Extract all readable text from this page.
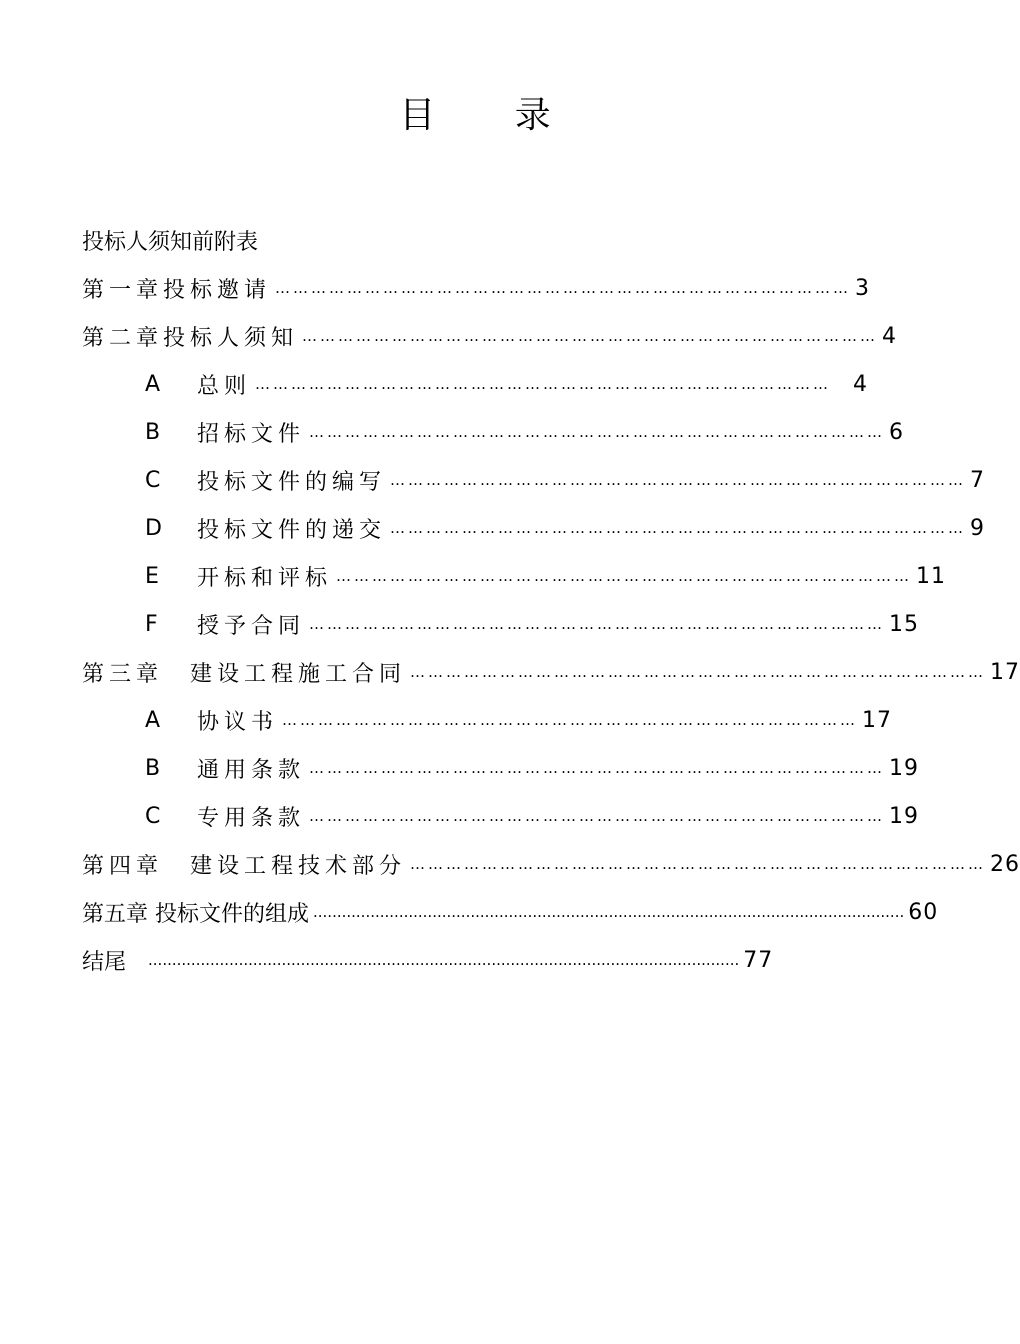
目 录
投标人须知前附表
第一章投标邀请 …………………………………………………………………………………… 3
第二章投标人须知 …………………………………………………………………………………… 4
A	总则 …………………………………………………………………………………… 4
B	招标文件 …………………………………………………………………………………… 6
C	投标文件的编写 …………………………………………………………………………………… 7
D	投标文件的递交 …………………………………………………………………………………… 9
E	开标和评标 …………………………………………………………………………………… 11
F	授予合同 …………………………………………………………………………………… 15
第三章　建设工程施工合同 …………………………………………………………………………………… 17
A	协议书 …………………………………………………………………………………… 17
B	通用条款 …………………………………………………………………………………… 19
C	专用条款 …………………………………………………………………………………… 19
第四章　建设工程技术部分 …………………………………………………………………………………… 26
第五章 投标文件的组成 ............................................................................................................................ 60
结尾 ............................................................................................................................ 77
